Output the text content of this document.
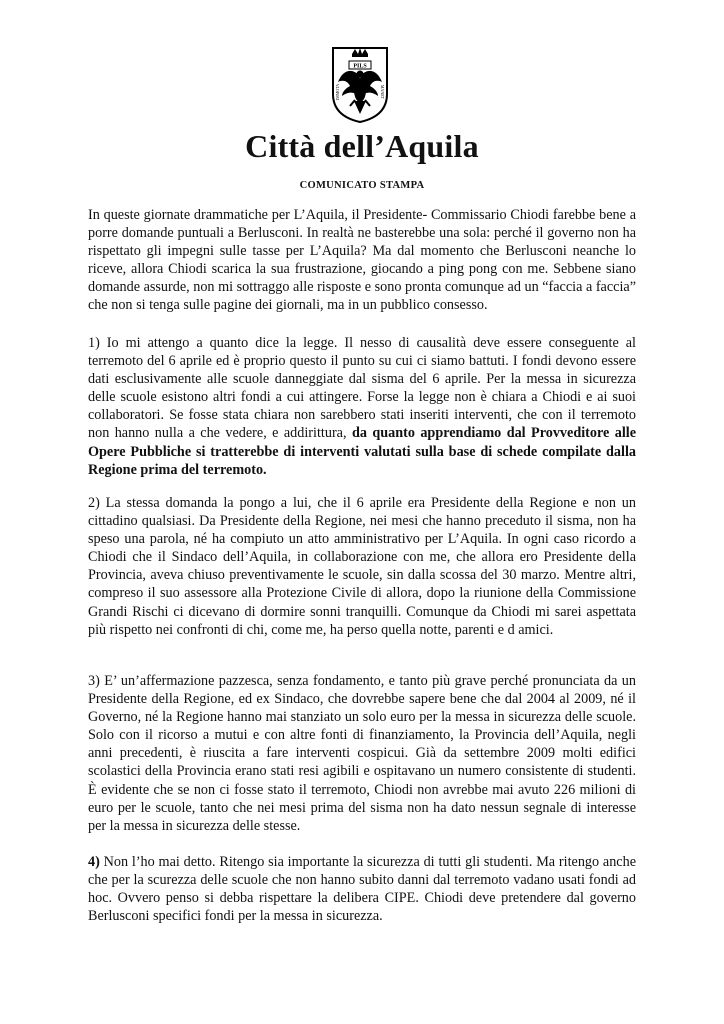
PILS
IMMOTA	MANET
Città dell’Aquila
COMUNICATO STAMPA

In queste giornate drammatiche per L’Aquila, il Presidente- Commissario Chiodi farebbe bene a porre domande puntuali a Berlusconi. In realtà ne basterebbe una sola: perché il governo non ha rispettato gli impegni sulle tasse per L’Aquila? Ma dal momento che Berlusconi neanche lo riceve, allora Chiodi scarica la sua frustrazione, giocando a ping pong con me. Sebbene siano domande assurde, non mi sottraggo alle risposte e sono pronta comunque ad un “faccia a faccia” che non si tenga sulle pagine dei giornali, ma in un pubblico consesso.

1) Io mi attengo a quanto dice la legge. Il nesso di causalità deve essere conseguente al terremoto del 6 aprile ed è proprio questo il punto su cui ci siamo battuti. I fondi devono essere dati esclusivamente alle scuole danneggiate dal sisma del 6 aprile. Per la messa in sicurezza delle scuole esistono altri fondi a cui attingere. Forse la legge non è chiara a Chiodi e ai suoi collaboratori. Se fosse stata chiara non sarebbero stati inseriti interventi, che con il terremoto non hanno nulla a che vedere, e addirittura, da quanto apprendiamo dal Provveditore alle Opere Pubbliche si tratterebbe di interventi valutati sulla base di schede compilate dalla Regione prima del terremoto.

2) La stessa domanda la pongo a lui, che il 6 aprile era Presidente della Regione e non un cittadino qualsiasi. Da Presidente della Regione, nei mesi che hanno preceduto il sisma, non ha speso una parola, né ha compiuto un atto amministrativo per L’Aquila. In ogni caso ricordo a Chiodi che il Sindaco dell’Aquila, in collaborazione con me, che allora ero Presidente della Provincia, aveva chiuso preventivamente le scuole, sin dalla scossa del 30 marzo. Mentre altri, compreso il suo assessore alla Protezione Civile di allora, dopo la riunione della Commissione Grandi Rischi ci dicevano di dormire sonni tranquilli. Comunque da Chiodi mi sarei aspettata più rispetto nei confronti di chi, come me, ha perso quella notte, parenti e d amici.

3) E’ un’affermazione pazzesca, senza fondamento, e tanto più grave perché pronunciata da un Presidente della Regione, ed ex Sindaco, che dovrebbe sapere bene che dal 2004 al 2009, né il Governo, né la Regione hanno mai stanziato un solo euro per la messa in sicurezza delle scuole. Solo con il ricorso a mutui e con altre fonti di finanziamento, la Provincia dell’Aquila, negli anni precedenti, è riuscita a fare interventi cospicui. Già da settembre 2009 molti edifici scolastici della Provincia erano stati resi agibili e ospitavano un numero consistente di studenti. È evidente che se non ci fosse stato il terremoto, Chiodi non avrebbe mai avuto 226 milioni di euro per le scuole, tanto che nei mesi prima del sisma non ha dato nessun segnale di interesse per la messa in sicurezza delle stesse.

4) Non l’ho mai detto. Ritengo sia importante la sicurezza di tutti gli studenti. Ma ritengo anche che per la scurezza delle scuole che non hanno subito danni dal terremoto vadano usati fondi ad hoc. Ovvero penso si debba rispettare la delibera CIPE. Chiodi deve pretendere dal governo Berlusconi specifici fondi per la messa in sicurezza.
